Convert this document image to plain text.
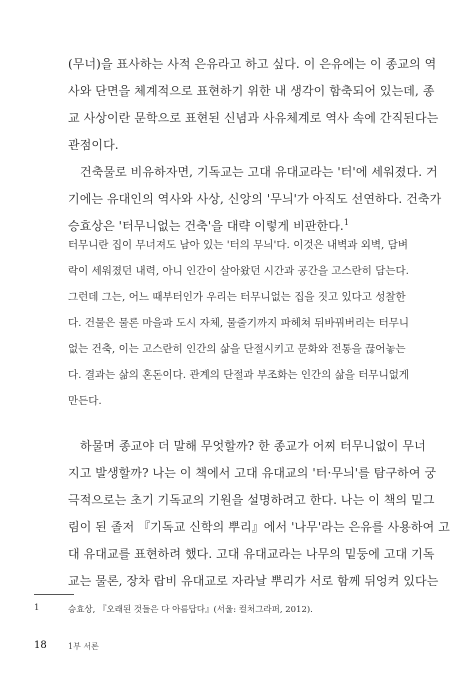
(무너)을 표사하는 사적 은유라고 하고 싶다. 이 은유에는 이 종교의 역

사와 단면을 체계적으로 표현하기 위한 내 생각이 함축되어 있는데, 종

교 사상이란 문학으로 표현된 신념과 사유체계로 역사 속에 간직된다는

관점이다.

건축물로 비유하자면, 기독교는 고대 유대교라는 '터'에 세워졌다. 거

기에는 유대인의 역사와 사상, 신앙의 '무늬'가 아직도 선연하다. 건축가

승효상은 '터무니없는 건축'을 대략 이렇게 비판한다.$^1$

터무니란 집이 무너져도 남아 있는 '터의 무늬'다. 이것은 내벽과 외벽, 담벼

락이 세워졌던 내력, 아니 인간이 살아왔던 시간과 공간을 고스란히 담는다.

그런데 그는, 어느 때부터인가 우리는 터무니없는 집을 짓고 있다고 성찰한

다. 건물은 물론 마을과 도시 자체, 물줄기까지 파헤쳐 뒤바꿔버리는 터무니

없는 건축, 이는 고스란히 인간의 삶을 단절시키고 문화와 전통을 끊어놓는

다. 결과는 삶의 혼돈이다. 관계의 단절과 부조화는 인간의 삶을 터무니없게

만든다.

하물며 종교야 더 말해 무엇할까? 한 종교가 어찌 터무니없이 무너

지고 발생할까? 나는 이 책에서 고대 유대교의 '터·무늬'를 탐구하여 궁

극적으로는 초기 기독교의 기원을 설명하려고 한다. 나는 이 책의 밑그

림이 된 졸저 『기독교 신학의 뿌리』에서 '나무'라는 은유를 사용하여 고

대 유대교를 표현하려 했다. 고대 유대교라는 나무의 밑둥에 고대 기독

교는 물론, 장차 랍비 유대교로 자라날 뿌리가 서로 함께 뒤엉켜 있다는

1	승효상, 『오래된 것들은 다 아름답다』(서울: 컬처그라퍼, 2012).
18	1부 서론
